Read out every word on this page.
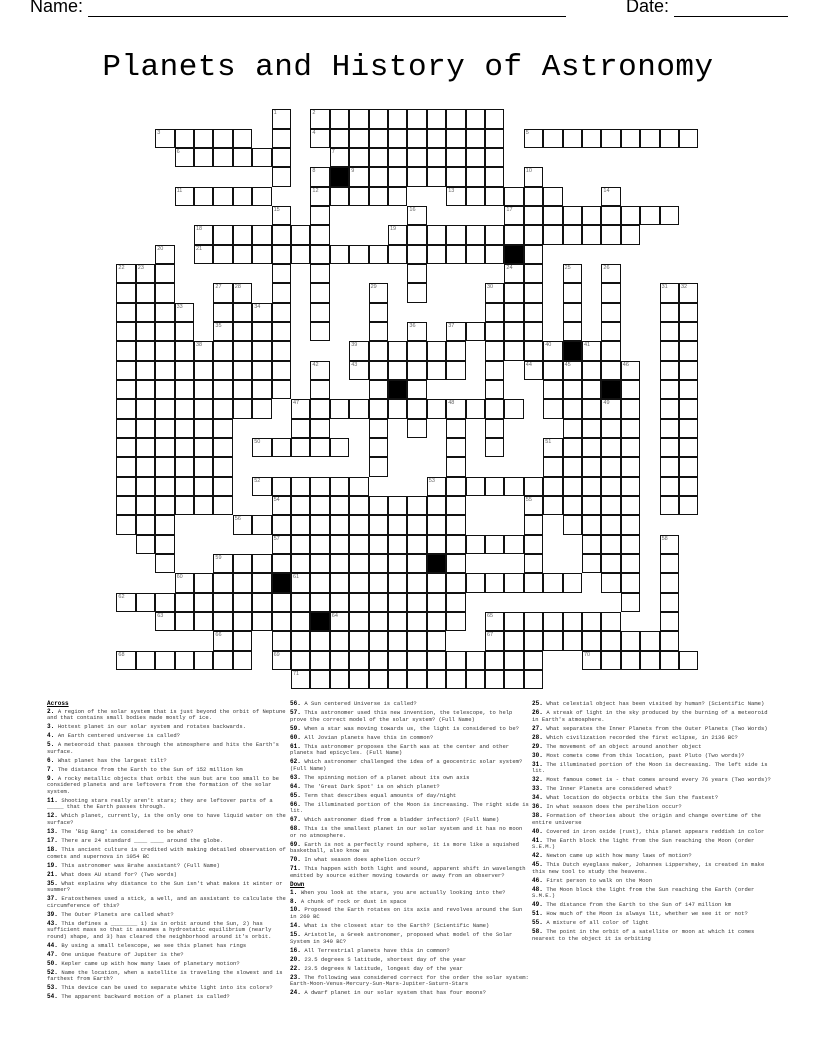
Name:	Date:
Planets and History of Astronomy
1	2
3	4	5
6	7
8	9	10
11	12	13	14
15	16	17
18	19
20	21
22 23	24	25	26
27 28	29	30	31 32
33	34
35	36	37
38	39	40	41
42	43	44	45	46
47	48	49
50	51
52	53
54	55
56
57	58
59
60	61
62
63	64	65
66	67
68	69	70
71
Across
2. A region of the solar system that is just beyond the orbit of Neptune and that contains small bodies made mostly of ice.
3. Hottest planet in our solar system and rotates backwards.
4. An Earth centered universe is called?
5. A meteoroid that passes through the atmosphere and hits the Earth's surface.
6. What planet has the largest tilt?
7. The distance from the Earth to the Sun of 152 million km
9. A rocky metallic objects that orbit the sun but are too small to be considered planets and are leftovers from the formation of the solar system.
11. Shooting stars really aren't stars; they are leftover parts of a _____ that the Earth passes through.
12. Which planet, currently, is the only one to have liquid water on the surface?
13. The 'Big Bang' is considered to be what?
17. There are 24 standard ____ ____ around the globe.
18. This ancient culture is credited with making detailed observation of comets and supernova in 1054 BC
19. This astronomer was Brahe assistant? (Full Name)
21. What does AU stand for? (Two words)
35. What explains why distance to the Sun isn't what makes it winter or summer?
37. Eratosthenes used a stick, a well, and an assistant to calculate the circumference of this?
39. The Outer Planets are called what?
43. This defines a ________ 1) is in orbit around the Sun, 2) has sufficient mass so that it assumes a hydrostatic equilibrium (nearly round) shape, and 3) has cleared the neighborhood around it's orbit.
44. By using a small telescope, we see this planet has rings
47. One unique feature of Jupiter is the?
50. Kepler came up with how many laws of planetary motion?
52. Name the location, when a satellite is traveling the slowest and is farthest from Earth?
53. This device can be used to separate white light into its colors?
54. The apparent backward motion of a planet is called?
56. A Sun centered Universe is called?
57. This astronomer used this new invention, the telescope, to help prove the correct model of the solar system? (Full Name)
59. When a star was moving towards us, the light is considered to be?
60. All Jovian planets have this in common?
61. This astronomer proposes the Earth was at the center and other planets had epicycles. (Full Name)
62. Which astronomer challenged the idea of a geocentric solar system? (Full Name)
63. The spinning motion of a planet about its own axis
64. The 'Great Dark Spot' is on which planet?
65. Term that describes equal amounts of day/night
66. The illuminated portion of the Moon is increasing. The right side is lit.
67. Which astronomer died from a bladder infection? (Full Name)
68. This is the smallest planet in our solar system and it has no moon or no atmosphere.
69. Earth is not a perfectly round sphere, it is more like a squished basketball, also know as
70. In what season does aphelion occur?
71. This happen with both light and sound, apparent shift in wavelength emitted by source either moving towards or away from an observer?
Down
1. When you look at the stars, you are actually looking into the?
8. A chunk of rock or dust in space
10. Proposed the Earth rotates on its axis and revolves around the Sun in 260 BC
14. What is the closest star to the Earth? (Scientific Name)
15. Aristotle, a Greek astronomer, proposed what model of the Solar System in 340 BC?
16. All Terrestrial planets have this in common?
20. 23.5 degrees S latitude, shortest day of the year
22. 23.5 degrees N latitude, longest day of the year
23. The following was considered correct for the order the solar system: Earth-Moon-Venus-Mercury-Sun-Mars-Jupiter-Saturn-Stars
24. A dwarf planet in our solar system that has four moons?
25. What celestial object has been visited by human? (Scientific Name)
26. A streak of light in the sky produced by the burning of a meteoroid in Earth's atmosphere.
27. What separates the Inner Planets from the Outer Planets (Two Words)
28. Which civilization recorded the first eclipse, in 2136 BC?
29. The movement of an object around another object
30. Most comets come from this location, past Pluto (Two words)?
31. The illuminated portion of the Moon is decreasing. The left side is lit.
32. Most famous comet is - that comes around every 76 years (Two words)?
33. The Inner Planets are considered what?
34. What location do objects orbits the Sun the fastest?
36. In what season does the perihelion occur?
38. Formation of theories about the origin and change overtime of the entire universe
40. Covered in iron oxide (rust), this planet appears reddish in color
41. The Earth block the light from the Sun reaching the Moon (order S.E.M.)
42. Newton came up with how many laws of motion?
45. This Dutch eyeglass maker, Johannes Lippershey, is created in make this new tool to study the heavens.
46. First person to walk on the Moon
48. The Moon block the light from the Sun reaching the Earth (order S.M.E.)
49. The distance from the Earth to the Sun of 147 million km
51. How much of the Moon is always lit, whether we see it or not?
55. A mixture of all color of light
58. The point in the orbit of a satellite or moon at which it comes nearest to the object it is orbiting
